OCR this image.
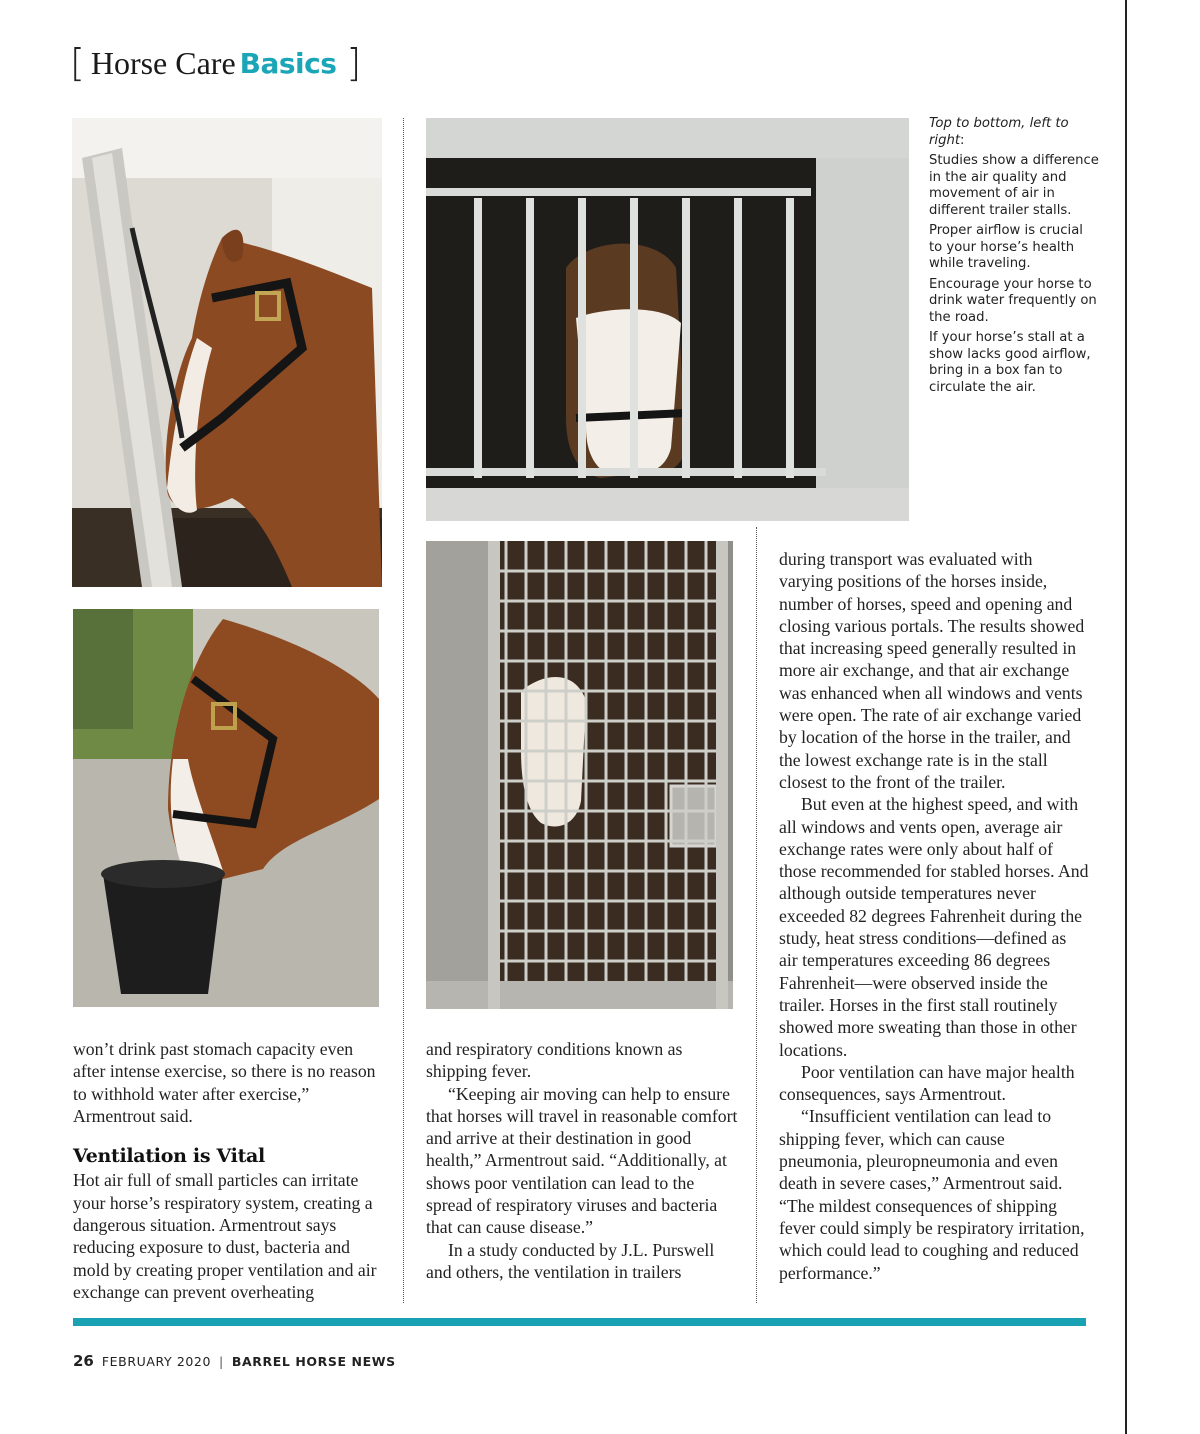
[ Horse Care Basics ]

Top to bottom, left to right:

Studies show a difference in the air quality and movement of air in different trailer stalls.

Proper airflow is crucial to your horse’s health while traveling.

Encourage your horse to drink water frequently on the road.

If your horse’s stall at a show lacks good airflow, bring in a box fan to circulate the air.

won’t drink past stomach capacity even after intense exercise, so there is no reason to withhold water after exercise,” Armentrout said.

Ventilation is Vital

Hot air full of small particles can irritate your horse’s respiratory system, creating a dangerous situation. Armentrout says reducing exposure to dust, bacteria and mold by creating proper ventilation and air exchange can prevent overheating

and respiratory conditions known as shipping fever.

“Keeping air moving can help to ensure that horses will travel in reasonable comfort and arrive at their destination in good health,” Armentrout said. “Additionally, at shows poor ventilation can lead to the spread of respiratory viruses and bacteria that can cause disease.”

In a study conducted by J.L. Purswell and others, the ventilation in trailers

during transport was evaluated with varying positions of the horses inside, number of horses, speed and opening and closing various portals. The results showed that increasing speed generally resulted in more air exchange, and that air exchange was enhanced when all windows and vents were open. The rate of air exchange varied by location of the horse in the trailer, and the lowest exchange rate is in the stall closest to the front of the trailer.

But even at the highest speed, and with all windows and vents open, average air exchange rates were only about half of those recommended for stabled horses. And although outside temperatures never exceeded 82 degrees Fahrenheit during the study, heat stress conditions—defined as air temperatures exceeding 86 degrees Fahrenheit—were observed inside the trailer. Horses in the first stall routinely showed more sweating than those in other locations.

Poor ventilation can have major health consequences, says Armentrout.

“Insufficient ventilation can lead to shipping fever, which can cause pneumonia, pleuropneumonia and even death in severe cases,” Armentrout said. “The mildest consequences of shipping fever could simply be respiratory irritation, which could lead to coughing and reduced performance.”

26 FEBRUARY 2020 | BARREL HORSE NEWS
